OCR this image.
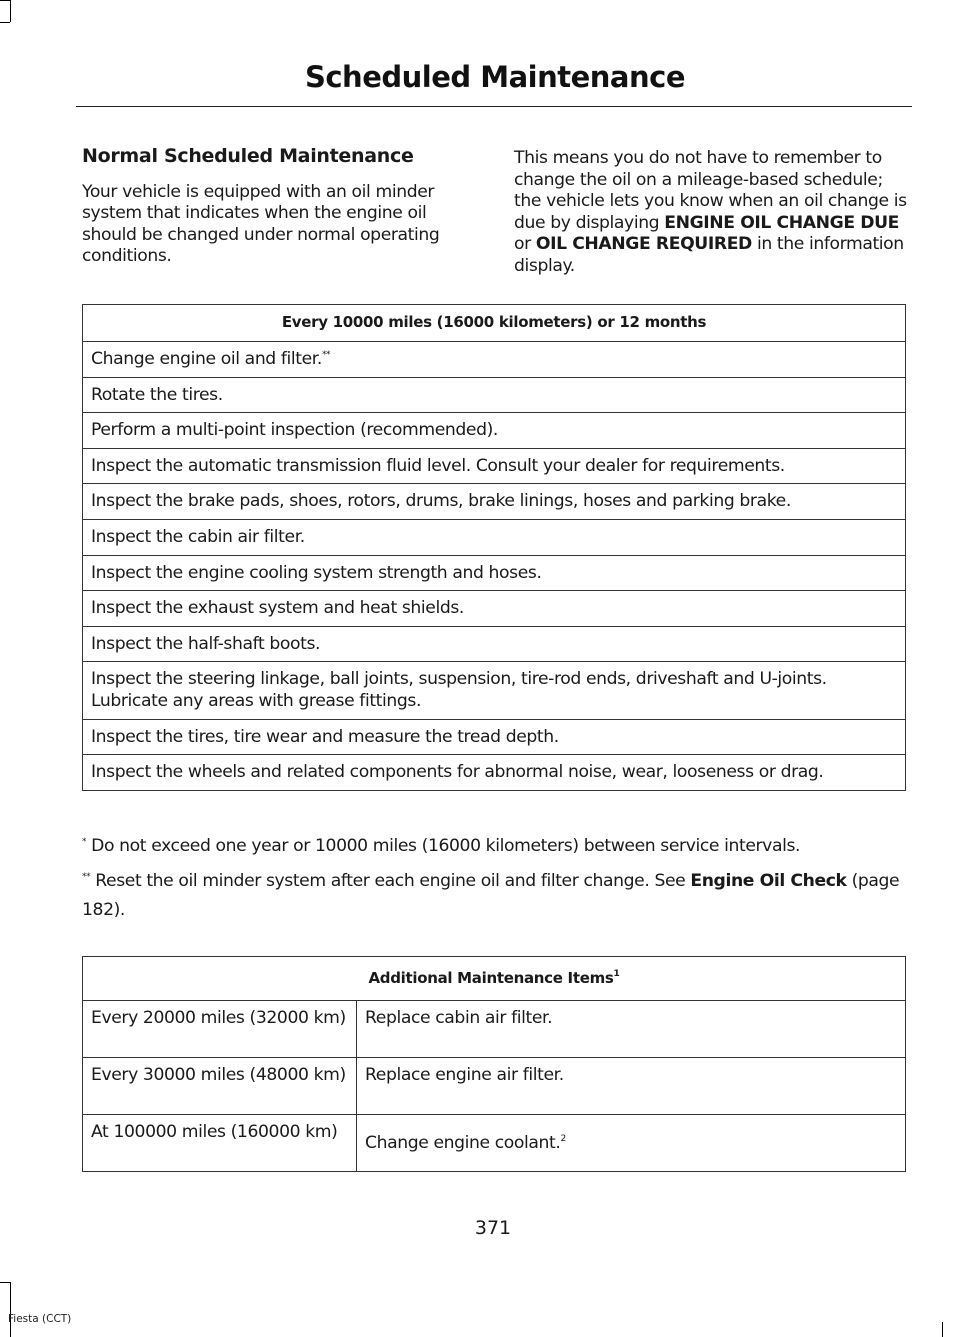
Scheduled Maintenance
Normal Scheduled Maintenance

Your vehicle is equipped with an oil minder system that indicates when the engine oil should be changed under normal operating conditions.

This means you do not have to remember to change the oil on a mileage-based schedule; the vehicle lets you know when an oil change is due by displaying ENGINE OIL CHANGE DUE or OIL CHANGE REQUIRED in the information display.

Every 10000 miles (16000 kilometers) or 12 months
Change engine oil and filter.**
Rotate the tires.
Perform a multi-point inspection (recommended).
Inspect the automatic transmission fluid level. Consult your dealer for requirements.
Inspect the brake pads, shoes, rotors, drums, brake linings, hoses and parking brake.
Inspect the cabin air filter.
Inspect the engine cooling system strength and hoses.
Inspect the exhaust system and heat shields.
Inspect the half-shaft boots.
Inspect the steering linkage, ball joints, suspension, tire-rod ends, driveshaft and U-joints. Lubricate any areas with grease fittings.
Inspect the tires, tire wear and measure the tread depth.
Inspect the wheels and related components for abnormal noise, wear, looseness or drag.
* Do not exceed one year or 10000 miles (16000 kilometers) between service intervals.
** Reset the oil minder system after each engine oil and filter change. See Engine Oil Check (page 182).
Additional Maintenance Items$^1$
Every 20000 miles (32000 km)	Replace cabin air filter.
Every 30000 miles (48000 km)	Replace engine air filter.
At 100000 miles (160000 km)	Change engine coolant.$^2$
371
Fiesta (CCT)
